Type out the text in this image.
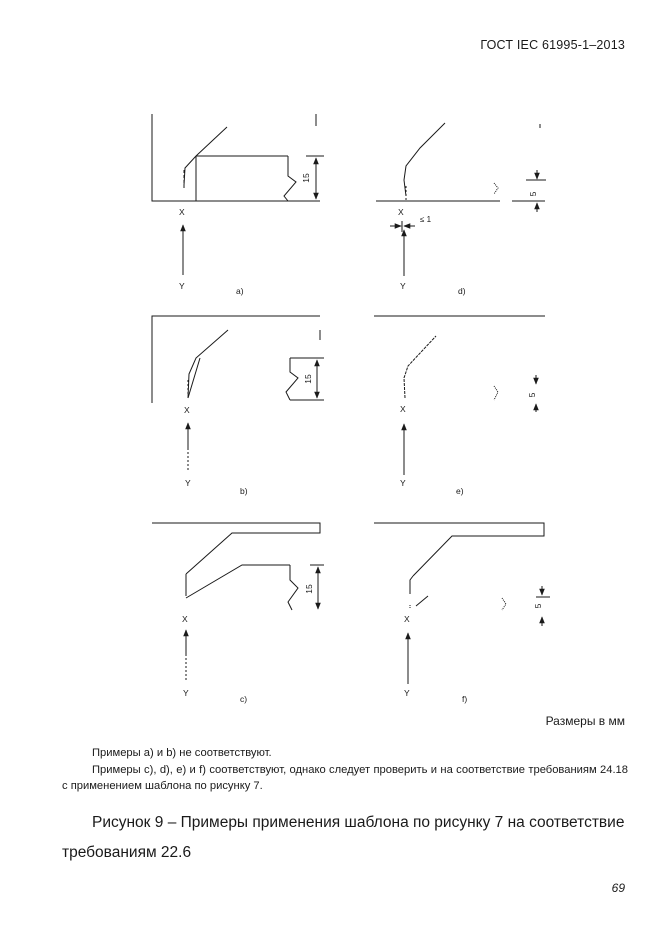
ГОСТ IEC 61995-1–2013
15
X
Y	a)
5
≤ 1
X
Y	d)
15
X
Y
b)
5
X
Y
e)
15
X
Y
c)
5
X
Y
f)
Размеры в мм
Примеры a) и b) не соответствуют.
Примеры c), d), e) и f) соответствуют, однако следует проверить и на соответствие требованиям 24.18 с применением шаблона по рисунку 7.
Рисунок 9 – Примеры применения шаблона по рисунку 7 на соответствие требованиям 22.6
69
